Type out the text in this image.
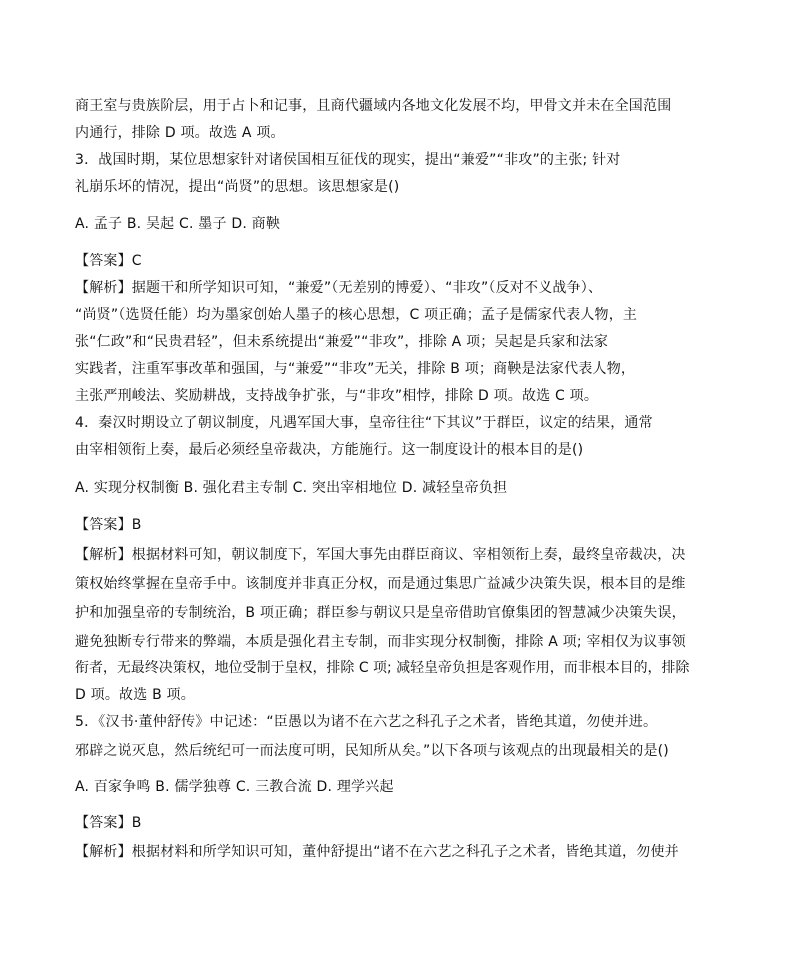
商王室与贵族阶层，用于占卜和记事，且商代疆域内各地文化发展不均，甲骨文并未在全国范围

内通行，排除 D 项。故选 A 项。

3．战国时期，某位思想家针对诸侯国相互征伐的现实，提出“兼爱”“非攻”的主张; 针对

礼崩乐坏的情况，提出“尚贤”的思想。该思想家是()

A. 孟子 B. 吴起 C. 墨子 D. 商鞅

【答案】C

【解析】据题干和所学知识可知，“兼爱”（无差别的博爱）、“非攻”（反对不义战争）、

“尚贤”（选贤任能）均为墨家创始人墨子的核心思想，C 项正确；孟子是儒家代表人物，主

张“仁政”和“民贵君轻”，但未系统提出“兼爱”“非攻”，排除 A 项；吴起是兵家和法家

实践者，注重军事改革和强国，与“兼爱”“非攻”无关，排除 B 项；商鞅是法家代表人物，

主张严刑峻法、奖励耕战，支持战争扩张，与“非攻”相悖，排除 D 项。故选 C 项。

4．秦汉时期设立了朝议制度，凡遇军国大事，皇帝往往“下其议”于群臣，议定的结果，通常

由宰相领衔上奏，最后必须经皇帝裁决，方能施行。这一制度设计的根本目的是()

A. 实现分权制衡 B. 强化君主专制 C. 突出宰相地位 D. 减轻皇帝负担

【答案】B

【解析】根据材料可知，朝议制度下，军国大事先由群臣商议、宰相领衔上奏，最终皇帝裁决，决

策权始终掌握在皇帝手中。该制度并非真正分权，而是通过集思广益减少决策失误，根本目的是维

护和加强皇帝的专制统治，B 项正确；群臣参与朝议只是皇帝借助官僚集团的智慧减少决策失误，

避免独断专行带来的弊端，本质是强化君主专制，而非实现分权制衡，排除 A 项; 宰相仅为议事领

衔者，无最终决策权，地位受制于皇权，排除 C 项; 减轻皇帝负担是客观作用，而非根本目的，排除

D 项。故选 B 项。

5．《汉书·董仲舒传》中记述：“臣愚以为诸不在六艺之科孔子之术者，皆绝其道，勿使并进。

邪辟之说灭息，然后统纪可一而法度可明，民知所从矣。”以下各项与该观点的出现最相关的是()

A. 百家争鸣 B. 儒学独尊 C. 三教合流 D. 理学兴起

【答案】B

【解析】根据材料和所学知识可知，董仲舒提出“诸不在六艺之科孔子之术者，皆绝其道，勿使并
